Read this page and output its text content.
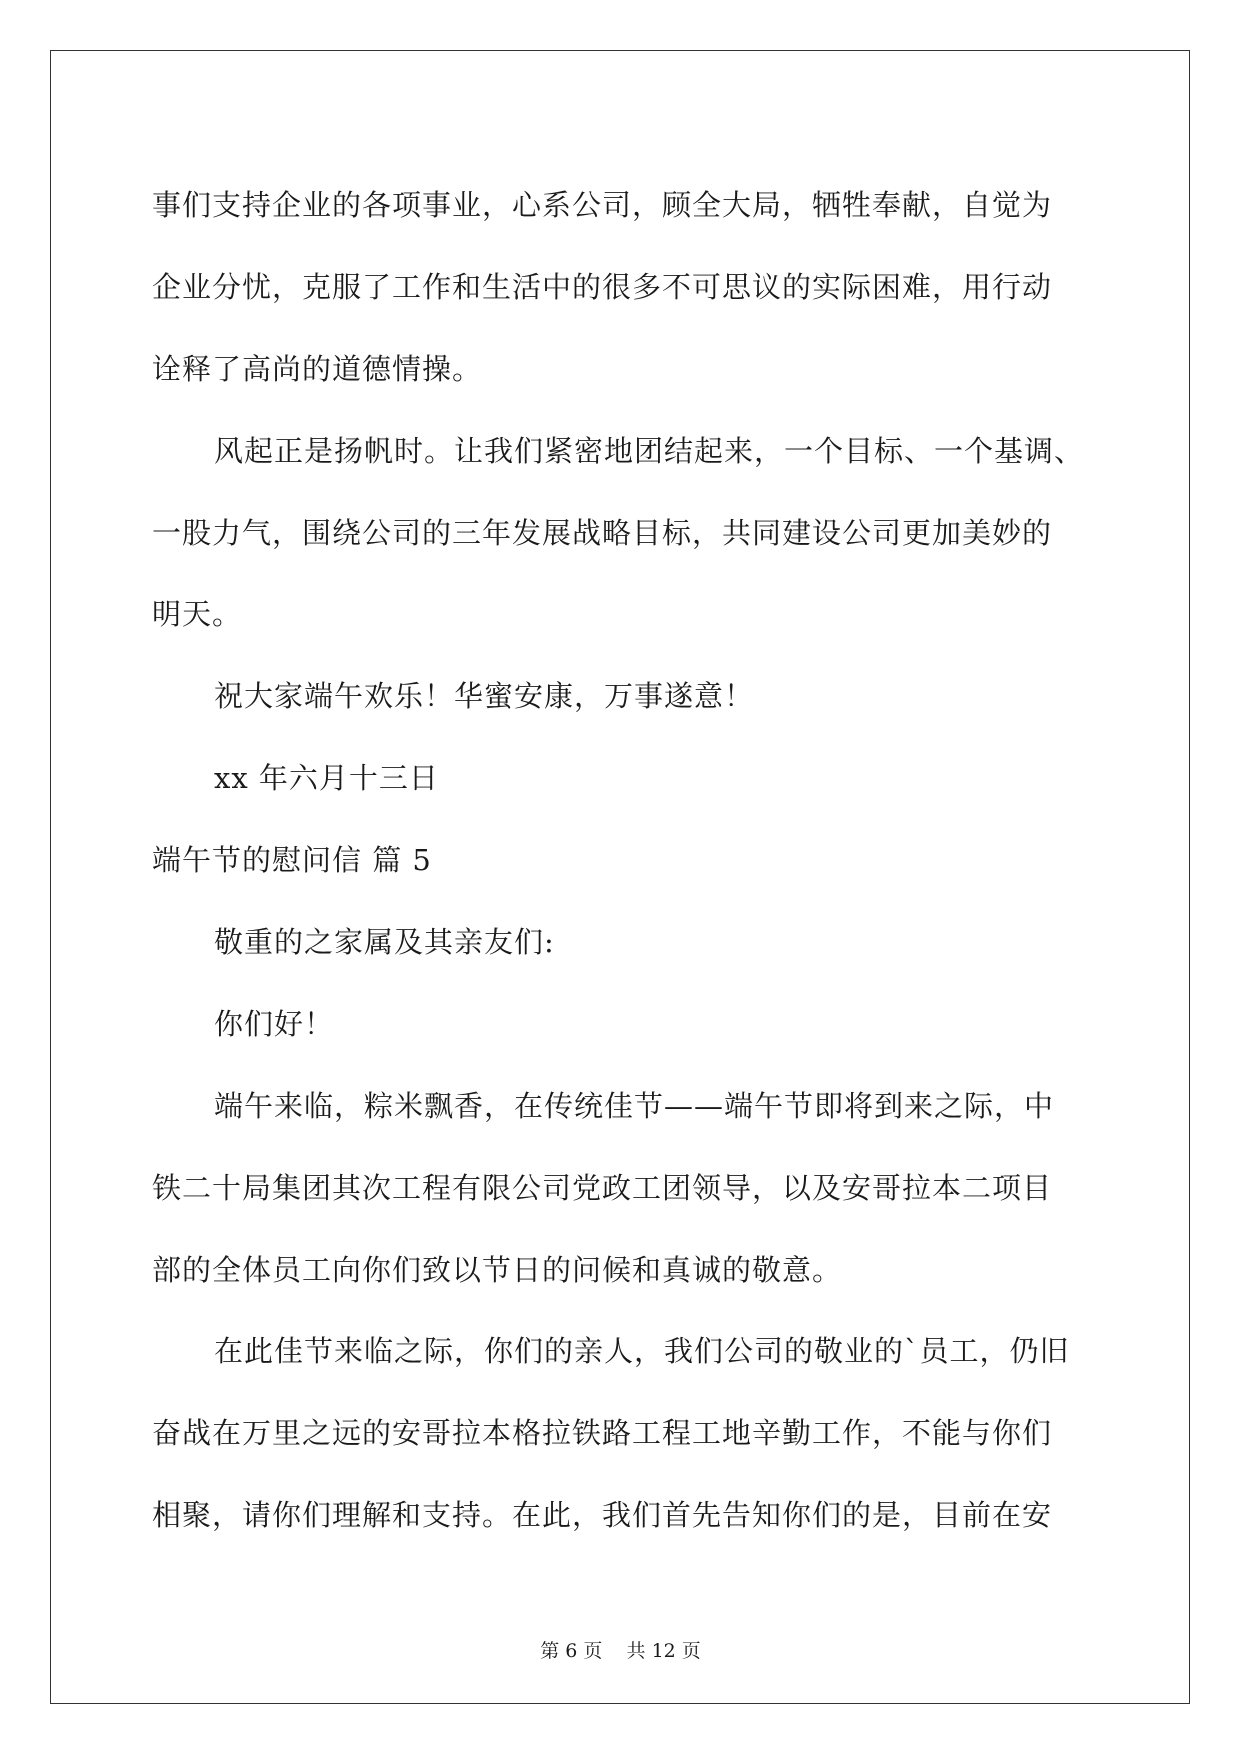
事们支持企业的各项事业，心系公司，顾全大局，牺牲奉献，自觉为
企业分忧，克服了工作和生活中的很多不可思议的实际困难，用行动
诠释了高尚的道德情操。
风起正是扬帆时。让我们紧密地团结起来，一个目标、一个基调、
一股力气，围绕公司的三年发展战略目标，共同建设公司更加美妙的
明天。
祝大家端午欢乐！华蜜安康，万事遂意！
xx 年六月十三日
端午节的慰问信 篇 5
敬重的之家属及其亲友们:
你们好！
端午来临，粽米飘香，在传统佳节——端午节即将到来之际，中
铁二十局集团其次工程有限公司党政工团领导，以及安哥拉本二项目
部的全体员工向你们致以节日的问候和真诚的敬意。
在此佳节来临之际，你们的亲人，我们公司的敬业的`员工，仍旧
奋战在万里之远的安哥拉本格拉铁路工程工地辛勤工作，不能与你们
相聚，请你们理解和支持。在此，我们首先告知你们的是，目前在安
第 6 页    共 12 页
